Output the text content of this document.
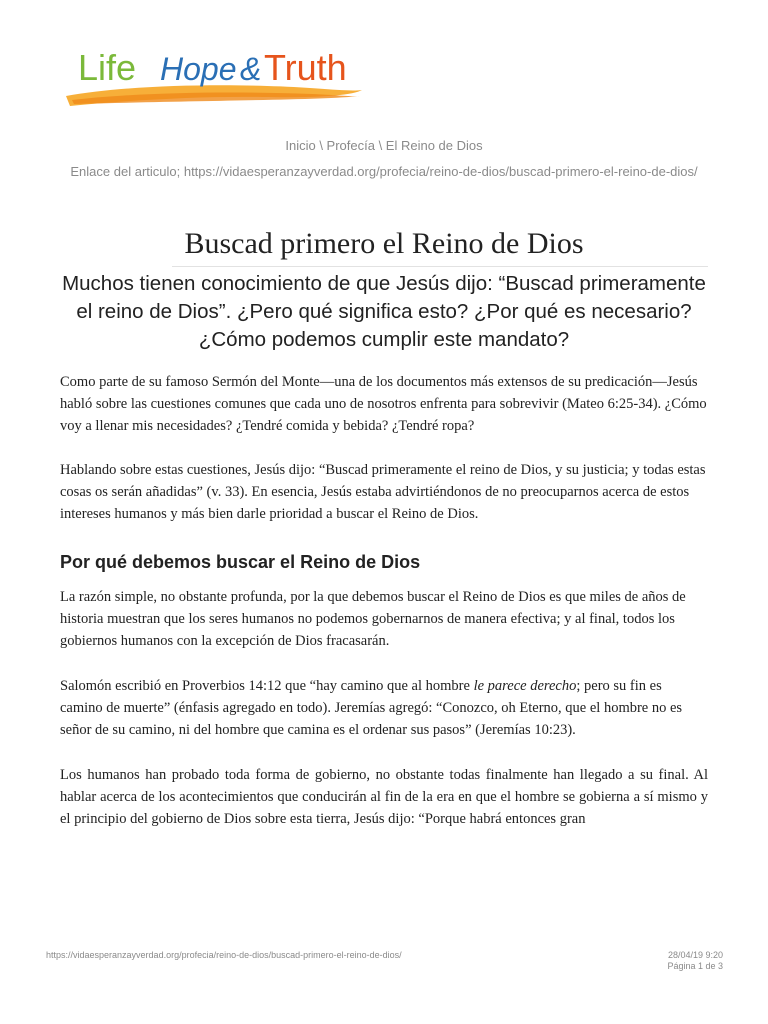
Life Hope & Truth
Inicio \ Profecía \ El Reino de Dios
Enlace del articulo; https://vidaesperanzayverdad.org/profecia/reino-de-dios/buscad-primero-el-reino-de-dios/
Buscad primero el Reino de Dios
Muchos tienen conocimiento de que Jesús dijo: “Buscad primeramente el reino de Dios”. ¿Pero qué significa esto? ¿Por qué es necesario? ¿Cómo podemos cumplir este mandato?

Como parte de su famoso Sermón del Monte—una de los documentos más extensos de su predicación—Jesús habló sobre las cuestiones comunes que cada uno de nosotros enfrenta para sobrevivir (Mateo 6:25-34). ¿Cómo voy a llenar mis necesidades? ¿Tendré comida y bebida? ¿Tendré ropa?

Hablando sobre estas cuestiones, Jesús dijo: “Buscad primeramente el reino de Dios, y su justicia; y todas estas cosas os serán añadidas” (v. 33). En esencia, Jesús estaba advirtiéndonos de no preocuparnos acerca de estos intereses humanos y más bien darle prioridad a buscar el Reino de Dios.

Por qué debemos buscar el Reino de Dios

La razón simple, no obstante profunda, por la que debemos buscar el Reino de Dios es que miles de años de historia muestran que los seres humanos no podemos gobernarnos de manera efectiva; y al final, todos los gobiernos humanos con la excepción de Dios fracasarán.

Salomón escribió en Proverbios 14:12 que “hay camino que al hombre le parece derecho; pero su fin es camino de muerte” (énfasis agregado en todo). Jeremías agregó: “Conozco, oh Eterno, que el hombre no es señor de su camino, ni del hombre que camina es el ordenar sus pasos” (Jeremías 10:23).

Los humanos han probado toda forma de gobierno, no obstante todas finalmente han llegado a su final. Al hablar acerca de los acontecimientos que conducirán al fin de la era en que el hombre se gobierna a sí mismo y el principio del gobierno de Dios sobre esta tierra, Jesús dijo: “Porque habrá entonces gran

https://vidaesperanzayverdad.org/profecia/reino-de-dios/buscad-primero-el-reino-de-dios/	28/04/19 9:20
Página 1 de 3
